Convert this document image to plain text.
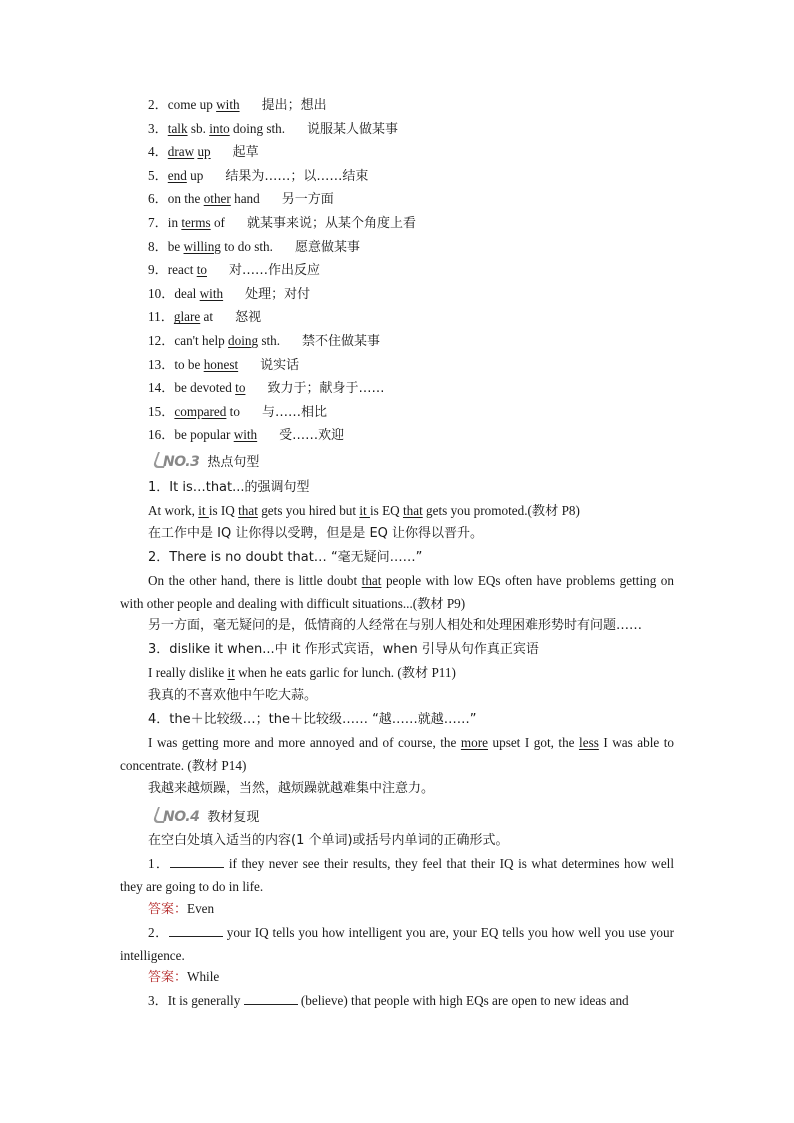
2．come up with 提出；想出
3．talk sb. into doing sth. 说服某人做某事
4．draw up 起草
5．end up 结果为……；以……结束
6．on the other hand 另一方面
7．in terms of 就某事来说；从某个角度上看
8．be willing to do sth. 愿意做某事
9．react to 对……作出反应
10．deal with 处理；对付
11．glare at 怒视
12．can't help doing sth. 禁不住做某事
13．to be honest 说实话
14．be devoted to 致力于；献身于……
15．compared to 与……相比
16．be popular with 受……欢迎
NO.3 热点句型
1．It is…that...的强调句型
At work, it is IQ that gets you hired but it is EQ that gets you promoted.(教材 P8)
在工作中是 IQ 让你得以受聘，但是是 EQ 让你得以晋升。
2．There is no doubt that… “毫无疑问……”
On the other hand, there is little doubt that people with low EQs often have problems getting on with other people and dealing with difficult situations...(教材 P9)
另一方面，毫无疑问的是，低情商的人经常在与别人相处和处理困难形势时有问题……
3．dislike it when...中 it 作形式宾语，when 引导从句作真正宾语
I really dislike it when he eats garlic for lunch. (教材 P11)
我真的不喜欢他中午吃大蒜。
4．the＋比较级…；the＋比较级…… “越……就越……”
I was getting more and more annoyed and of course, the more upset I got, the less I was able to concentrate. (教材 P14)
我越来越烦躁，当然，越烦躁就越难集中注意力。
NO.4 教材复现
在空白处填入适当的内容(1 个单词)或括号内单词的正确形式。
1．	if they never see their results, they feel that their IQ is what determines how well they are going to do in life.
答案：Even
2．	your IQ tells you how intelligent you are, your EQ tells you how well you use your intelligence.
答案：While
3．It is generally	(believe) that people with high EQs are open to new ideas and
